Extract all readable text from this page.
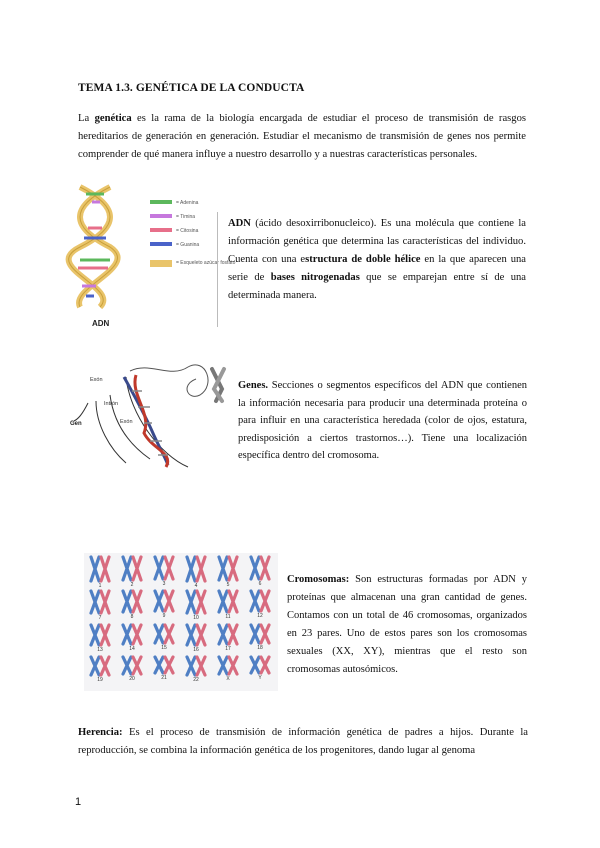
TEMA 1.3. GENÉTICA DE LA CONDUCTA

La genética es la rama de la biología encargada de estudiar el proceso de transmisión de rasgos hereditarios de generación en generación. Estudiar el mecanismo de transmisión de genes nos permite comprender de qué manera influye a nuestro desarrollo y a nuestras características personales.

ADN
= Adenina
= Timina
= Citosina
= Guanina
= Esqueleto azúcar fosfato

ADN (ácido desoxirribonucleico). Es una molécula que contiene la información genética que determina las características del individuo. Cuenta con una estructura de doble hélice en la que aparecen una serie de bases nitrogenadas que se emparejan entre sí de una determinada manera.

Exón
Intrón
Exón
Gen

Genes. Secciones o segmentos específicos del ADN que contienen la información necesaria para producir una determinada proteína o para influir en una característica heredada (color de ojos, estatura, predisposición a ciertos trastornos…). Tiene una localización específica dentro del cromosoma.

1	2	3	4	5	6
7	8	9	10	11	12
13	14	15	16	17	18
19	20	21	22	X	Y

Cromosomas: Son estructuras formadas por ADN y proteínas que almacenan una gran cantidad de genes. Contamos con un total de 46 cromosomas, organizados en 23 pares. Uno de estos pares son los cromosomas sexuales (XX, XY), mientras que el resto son cromosomas autosómicos.

Herencia: Es el proceso de transmisión de información genética de padres a hijos. Durante la reproducción, se combina la información genética de los progenitores, dando lugar al genoma

1
